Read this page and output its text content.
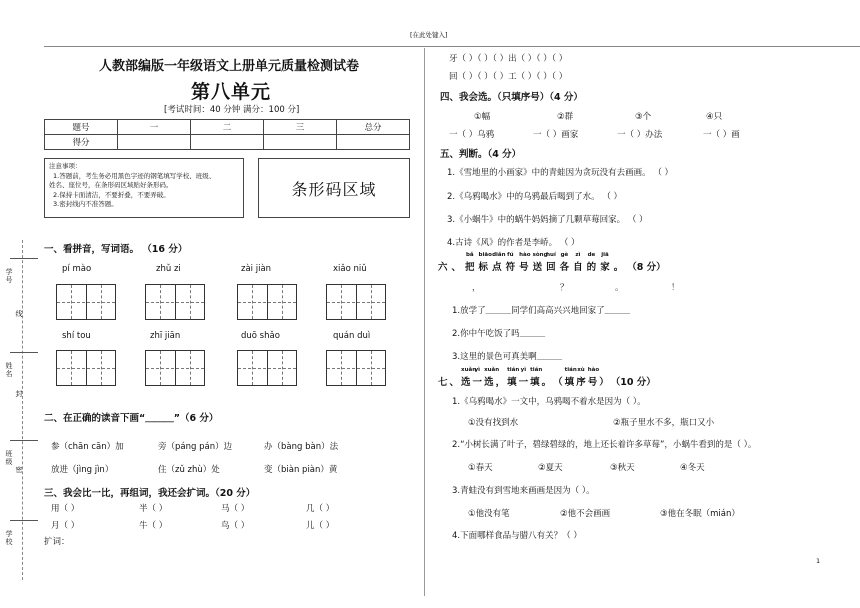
[在此处键入]
学号
线
姓名
封
班级
密
学校
人教部编版一年级语文上册单元质量检测试卷
第八单元
[考试时间：40 分钟 满分：100 分]
题号	一	二	三	总分
得分				
注意事项：
1.答题前，考生务必用黑色字迹的钢笔填写学校、班级、
姓名、座位号，在条形码区域贴好条形码。
2.保持卡面清洁，不要折叠，不要弄破。
3.密封线内不准答题。
条形码区域
一、看拼音，写词语。 （16 分）
pí mào	zhǔ zi	zài jiàn	xiǎo niǔ
shí tou	zhī jiān	duō shǎo	quán duì
二、在正确的读音下画“＿＿＿”（6 分）
参（chān cān）加	旁（páng pán）边	办（bàng bàn）法
放进（jìng jìn）	住（zǔ zhù）处	变（biàn piàn）黄
三、我会比一比，再组词，我还会扩词。（20 分）
用（ ）	半（ ）	马（ ）	几（ ）
月（ ）	牛（ ）	鸟（ ）	儿（ ）
扩词：
牙（ ）（ ）（ ）出（ ）（ ）（ ）
回（ ）（ ）（ ）工（ ）（ ）（ ）
四、我会选。（只填序号）（4 分）
①幅	②群	③个	④只
一（ ）乌鸦	一（ ）画家	一（ ）办法	一（ ）画
五、判断。（4 分）
1.《雪地里的小画家》中的青蛙因为贪玩没有去画画。 （ ）
2.《乌鸦喝水》中的乌鸦最后喝到了水。 （ ）
3.《小蜗牛》中的蜗牛妈妈摘了几颗草莓回家。 （ ）
4.古诗《风》的作者是李峤。 （ ）
六 、
bǎ
把
biāo
标
diǎn
点
fú
符
hào
号
sòng
送
huí
回
gè
各
zì
自
de
的
jiā
家 。 （8 分）
，	？	。	！
1.放学了＿＿＿同学们高高兴兴地回家了＿＿＿
2.你中午吃饭了吗＿＿＿
3.这里的景色可真美啊＿＿＿
七 、
xuǎn
选
yì
一
xuǎn
选 ，
tián
填
yì
一
tián
填 。 （
tián
填
xù
序
hào
号 ） （10 分）
1.《乌鸦喝水》一文中，乌鸦喝不着水是因为（ ）。
①没有找到水	②瓶子里水不多，瓶口又小
2.“小树长满了叶子，碧绿碧绿的，地上还长着许多草莓”，小蜗牛看到的是（ ）。
①春天	②夏天	③秋天	④冬天
3.青蛙没有到雪地来画画是因为（ ）。
①他没有笔	②他不会画画	③他在冬眠（mián）
4.下面哪样食品与腊八有关？（ ）
1
